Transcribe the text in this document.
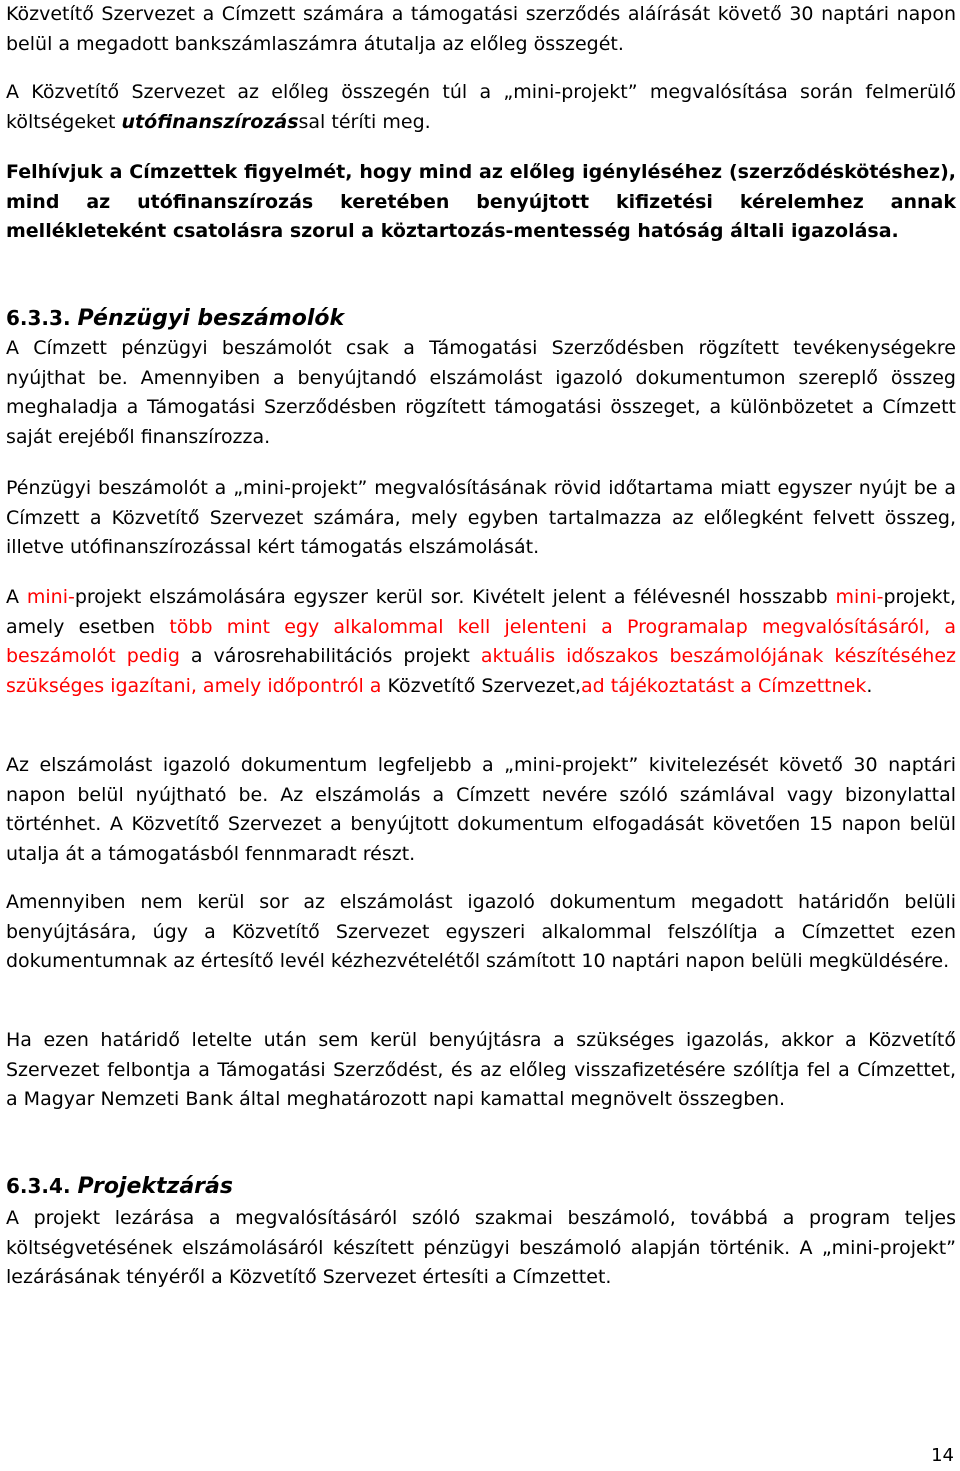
Közvetítő Szervezet a Címzett számára a támogatási szerződés aláírását követő 30 naptári napon belül a megadott bankszámlaszámra átutalja az előleg összegét.

A Közvetítő Szervezet az előleg összegén túl a „mini-projekt” megvalósítása során felmerülő költségeket utófinanszírozással téríti meg.

Felhívjuk a Címzettek figyelmét, hogy mind az előleg igényléséhez (szerződéskötéshez), mind az utófinanszírozás keretében benyújtott kifizetési kérelemhez annak mellékleteként csatolásra szorul a köztartozás-mentesség hatóság általi igazolása.

6.3.3. Pénzügyi beszámolók

A Címzett pénzügyi beszámolót csak a Támogatási Szerződésben rögzített tevékenységekre nyújthat be. Amennyiben a benyújtandó elszámolást igazoló dokumentumon szereplő összeg meghaladja a Támogatási Szerződésben rögzített támogatási összeget, a különbözetet a Címzett saját erejéből finanszírozza.

Pénzügyi beszámolót a „mini-projekt” megvalósításának rövid időtartama miatt egyszer nyújt be a Címzett a Közvetítő Szervezet számára, mely egyben tartalmazza az előlegként felvett összeg, illetve utófinanszírozással kért támogatás elszámolását.

A mini-projekt elszámolására egyszer kerül sor. Kivételt jelent a félévesnél hosszabb mini-projekt, amely esetben több mint egy alkalommal kell jelenteni a Programalap megvalósításáról, a beszámolót pedig a városrehabilitációs projekt aktuális időszakos beszámolójának készítéséhez szükséges igazítani, amely időpontról a Közvetítő Szervezet,ad tájékoztatást a Címzettnek.

Az elszámolást igazoló dokumentum legfeljebb a „mini-projekt” kivitelezését követő 30 naptári napon belül nyújtható be. Az elszámolás a Címzett nevére szóló számlával vagy bizonylattal történhet. A Közvetítő Szervezet a benyújtott dokumentum elfogadását követően 15 napon belül utalja át a támogatásból fennmaradt részt.

Amennyiben nem kerül sor az elszámolást igazoló dokumentum megadott határidőn belüli benyújtására, úgy a Közvetítő Szervezet egyszeri alkalommal felszólítja a Címzettet ezen dokumentumnak az értesítő levél kézhezvételétől számított 10 naptári napon belüli megküldésére.

Ha ezen határidő letelte után sem kerül benyújtásra a szükséges igazolás, akkor a Közvetítő Szervezet felbontja a Támogatási Szerződést, és az előleg visszafizetésére szólítja fel a Címzettet, a Magyar Nemzeti Bank által meghatározott napi kamattal megnövelt összegben.

6.3.4. Projektzárás

A projekt lezárása a megvalósításáról szóló szakmai beszámoló, továbbá a program teljes költségvetésének elszámolásáról készített pénzügyi beszámoló alapján történik. A „mini-projekt” lezárásának tényéről a Közvetítő Szervezet értesíti a Címzettet.

14
